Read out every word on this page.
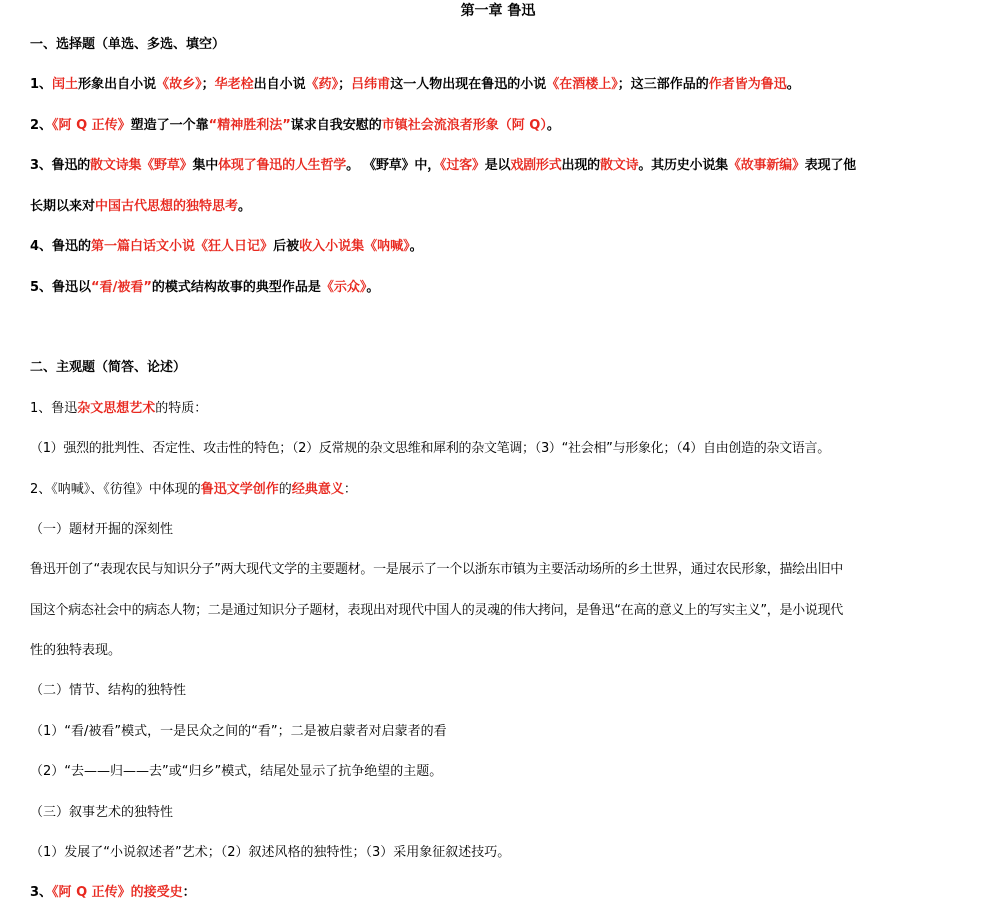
第一章 鲁迅
一、选择题（单选、多选、填空）
1、闰土形象出自小说《故乡》；华老栓出自小说《药》；吕纬甫这一人物出现在鲁迅的小说《在酒楼上》；这三部作品的作者皆为鲁迅。
2、《阿 Q 正传》塑造了一个靠“精神胜利法”谋求自我安慰的市镇社会流浪者形象（阿 Q）。
3、鲁迅的散文诗集《野草》集中体现了鲁迅的人生哲学。 《野草》中，《过客》是以戏剧形式出现的散文诗。其历史小说集《故事新编》表现了他
长期以来对中国古代思想的独特思考。
4、鲁迅的第一篇白话文小说《狂人日记》后被收入小说集《呐喊》。
5、鲁迅以“看/被看”的模式结构故事的典型作品是《示众》。
二、主观题（简答、论述）
1、鲁迅杂文思想艺术的特质：
（1）强烈的批判性、否定性、攻击性的特色；（2）反常规的杂文思维和犀利的杂文笔调；（3）“社会相”与形象化；（4）自由创造的杂文语言。
2、《呐喊》、《彷徨》中体现的鲁迅文学创作的经典意义：
（一）题材开掘的深刻性
鲁迅开创了“表现农民与知识分子”两大现代文学的主要题材。一是展示了一个以浙东市镇为主要活动场所的乡土世界，通过农民形象，描绘出旧中
国这个病态社会中的病态人物；二是通过知识分子题材，表现出对现代中国人的灵魂的伟大拷问，是鲁迅“在高的意义上的写实主义”，是小说现代
性的独特表现。
（二）情节、结构的独特性
（1）“看/被看”模式，一是民众之间的“看”；二是被启蒙者对启蒙者的看
（2）“去——归——去”或“归乡”模式，结尾处显示了抗争绝望的主题。
（三）叙事艺术的独特性
（1）发展了“小说叙述者”艺术；（2）叙述风格的独特性；（3）采用象征叙述技巧。
3、《阿 Q 正传》的接受史：
